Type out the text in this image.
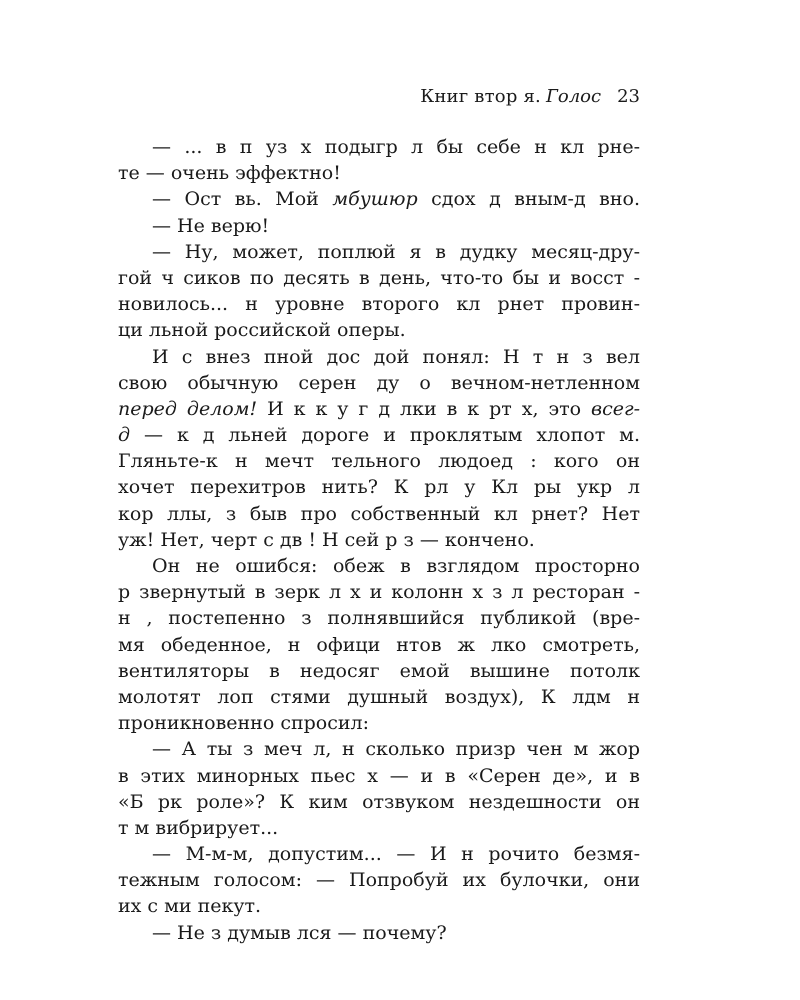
Книг втор я. Голос 23
— ... в п уз х подыгр л бы себе н кл рне-
те — очень эффектно!
— Ост вь. Мой мбушюр сдох д вным-д вно.
— Не верю!
— Ну, может, поплюй я в дудку месяц-дру-
гой ч сиков по десять в день, что-то бы и восст -
новилось... н уровне второго кл рнет провин-
ци льной российской оперы.
И с внез пной дос дой понял: Н т н з вел
свою обычную серен ду о вечном-нетленном
перед делом! И к к у г д лки в к рт х, это всег-
д — к д льней дороге и проклятым хлопот м.
Гляньте-к н мечт тельного людоед : кого он
хочет перехитров нить? К рл у Кл ры укр л
кор ллы, з быв про собственный кл рнет? Нет
уж! Нет, черт с дв ! Н сей р з — кончено.
Он не ошибся: обеж в взглядом просторно
р звернутый в зерк л х и колонн х з л ресторан -
н , постепенно з полнявшийся публикой (вре-
мя обеденное, н офици нтов ж лко смотреть,
вентиляторы в недосяг емой вышине потолк
молотят лоп стями душный воздух), К лдм н
проникновенно спросил:
— А ты з меч л, н сколько призр чен м жор
в этих минорных пьес х — и в «Серен де», и в
«Б рк роле»? К ким отзвуком нездешности он
т м вибрирует...
— М-м-м, допустим... — И н рочито безмя-
тежным голосом: — Попробуй их булочки, они
их с ми пекут.
— Не з думыв лся — почему?
